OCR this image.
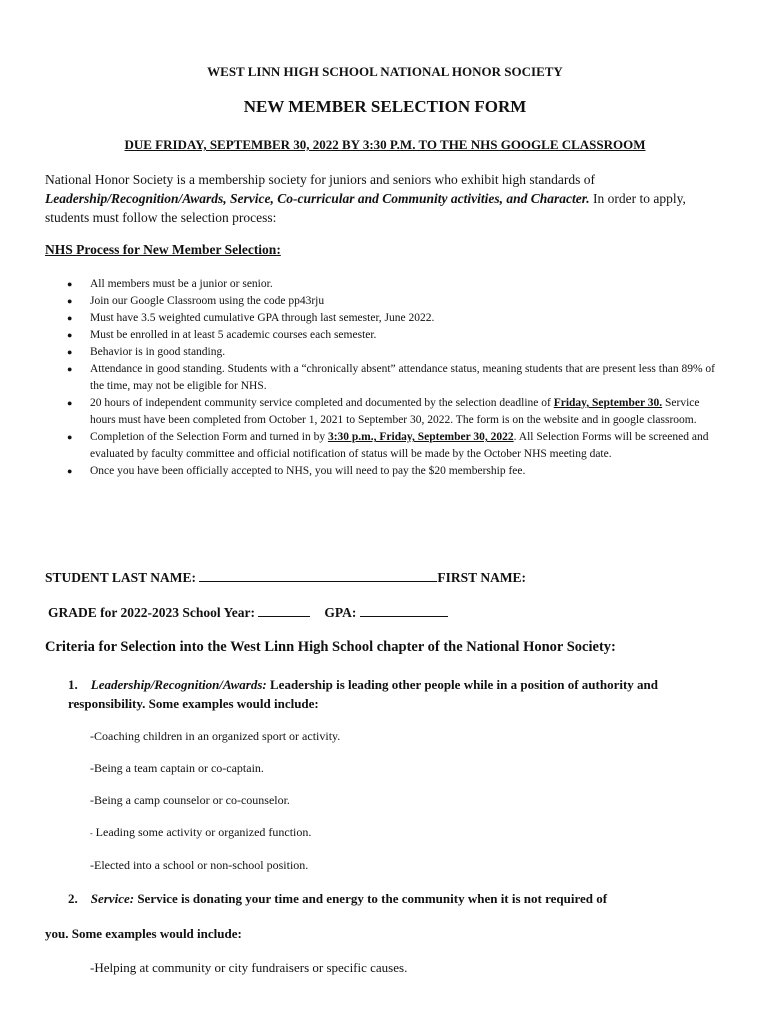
WEST LINN HIGH SCHOOL NATIONAL HONOR SOCIETY
NEW MEMBER SELECTION FORM
DUE FRIDAY, SEPTEMBER 30, 2022 BY 3:30 P.M. TO THE NHS GOOGLE CLASSROOM
National Honor Society is a membership society for juniors and seniors who exhibit high standards of Leadership/Recognition/Awards, Service, Co-curricular and Community activities, and Character. In order to apply, students must follow the selection process:
NHS Process for New Member Selection:
● All members must be a junior or senior.
● Join our Google Classroom using the code pp43rju
● Must have 3.5 weighted cumulative GPA through last semester, June 2022.
● Must be enrolled in at least 5 academic courses each semester.
● Behavior is in good standing.
● Attendance in good standing. Students with a “chronically absent” attendance status, meaning students that are present less than 89% of the time, may not be eligible for NHS.
● 20 hours of independent community service completed and documented by the selection deadline of Friday, September 30. Service hours must have been completed from October 1, 2021 to September 30, 2022. The form is on the website and in google classroom.
● Completion of the Selection Form and turned in by 3:30 p.m., Friday, September 30, 2022. All Selection Forms will be screened and evaluated by faculty committee and official notification of status will be made by the October NHS meeting date.
● Once you have been officially accepted to NHS, you will need to pay the $20 membership fee.
STUDENT LAST NAME:	FIRST NAME:
GRADE for 2022-2023 School Year:	GPA:
Criteria for Selection into the West Linn High School chapter of the National Honor Society:
1. Leadership/Recognition/Awards: Leadership is leading other people while in a position of authority and responsibility. Some examples would include:
-Coaching children in an organized sport or activity.
-Being a team captain or co-captain.
-Being a camp counselor or co-counselor.
- Leading some activity or organized function.
-Elected into a school or non-school position.
2. Service: Service is donating your time and energy to the community when it is not required of
you. Some examples would include:
-Helping at community or city fundraisers or specific causes.
